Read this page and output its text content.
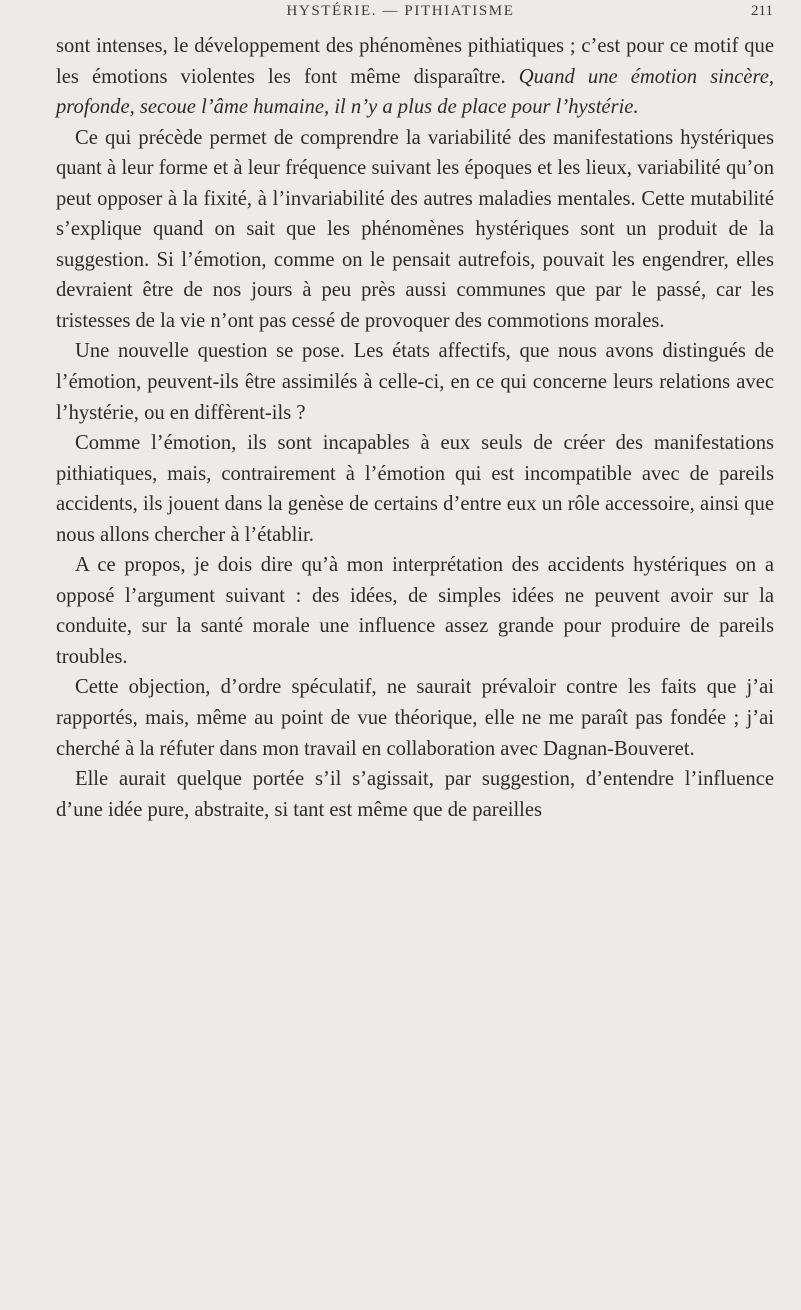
HYSTÉRIE. — PITHIATISME	211

sont intenses, le développement des phénomènes pithiatiques ; c’est pour ce motif que les émotions violentes les font même disparaître. Quand une émotion sincère, profonde, secoue l’âme humaine, il n’y a plus de place pour l’hystérie.

Ce qui précède permet de comprendre la variabilité des manifestations hystériques quant à leur forme et à leur fréquence suivant les époques et les lieux, variabilité qu’on peut opposer à la fixité, à l’invariabilité des autres maladies mentales. Cette mutabilité s’explique quand on sait que les phénomènes hystériques sont un produit de la suggestion. Si l’émotion, comme on le pensait autrefois, pouvait les engendrer, elles devraient être de nos jours à peu près aussi communes que par le passé, car les tristesses de la vie n’ont pas cessé de provoquer des commotions morales.

Une nouvelle question se pose. Les états affectifs, que nous avons distingués de l’émotion, peuvent-ils être assimilés à celle-ci, en ce qui concerne leurs relations avec l’hystérie, ou en diffèrent-ils ?

Comme l’émotion, ils sont incapables à eux seuls de créer des manifestations pithiatiques, mais, contrairement à l’émotion qui est incompatible avec de pareils accidents, ils jouent dans la genèse de certains d’entre eux un rôle accessoire, ainsi que nous allons chercher à l’établir.

A ce propos, je dois dire qu’à mon interprétation des accidents hystériques on a opposé l’argument suivant : des idées, de simples idées ne peuvent avoir sur la conduite, sur la santé morale une influence assez grande pour produire de pareils troubles.

Cette objection, d’ordre spéculatif, ne saurait prévaloir contre les faits que j’ai rapportés, mais, même au point de vue théorique, elle ne me paraît pas fondée ; j’ai cherché à la réfuter dans mon travail en collaboration avec Dagnan-Bouveret.

Elle aurait quelque portée s’il s’agissait, par suggestion, d’entendre l’influence d’une idée pure, abstraite, si tant est même que de pareilles
